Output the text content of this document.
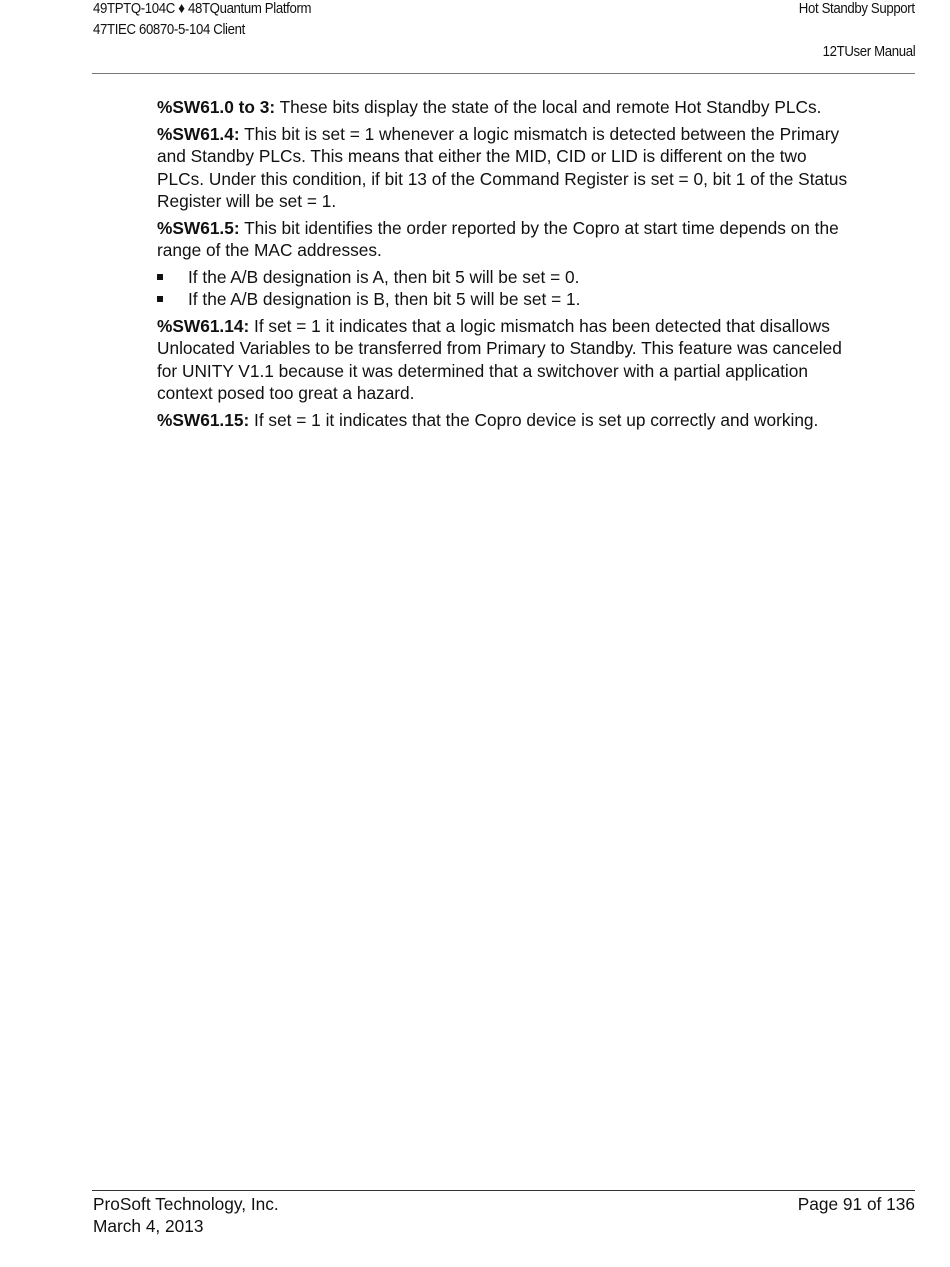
49TPTQ-104C ♦ 48TQuantum Platform
47TIEC 60870-5-104 Client
Hot Standby Support
12TUser Manual

%SW61.0 to 3: These bits display the state of the local and remote Hot Standby PLCs.

%SW61.4: This bit is set = 1 whenever a logic mismatch is detected between the Primary and Standby PLCs. This means that either the MID, CID or LID is different on the two PLCs. Under this condition, if bit 13 of the Command Register is set = 0, bit 1 of the Status Register will be set = 1.

%SW61.5: This bit identifies the order reported by the Copro at start time depends on the range of the MAC addresses.

If the A/B designation is A, then bit 5 will be set = 0.
If the A/B designation is B, then bit 5 will be set = 1.

%SW61.14: If set = 1 it indicates that a logic mismatch has been detected that disallows Unlocated Variables to be transferred from Primary to Standby. This feature was canceled for UNITY V1.1 because it was determined that a switchover with a partial application context posed too great a hazard.

%SW61.15: If set = 1 it indicates that the Copro device is set up correctly and working.

ProSoft Technology, Inc.
March 4, 2013
Page 91 of 136
